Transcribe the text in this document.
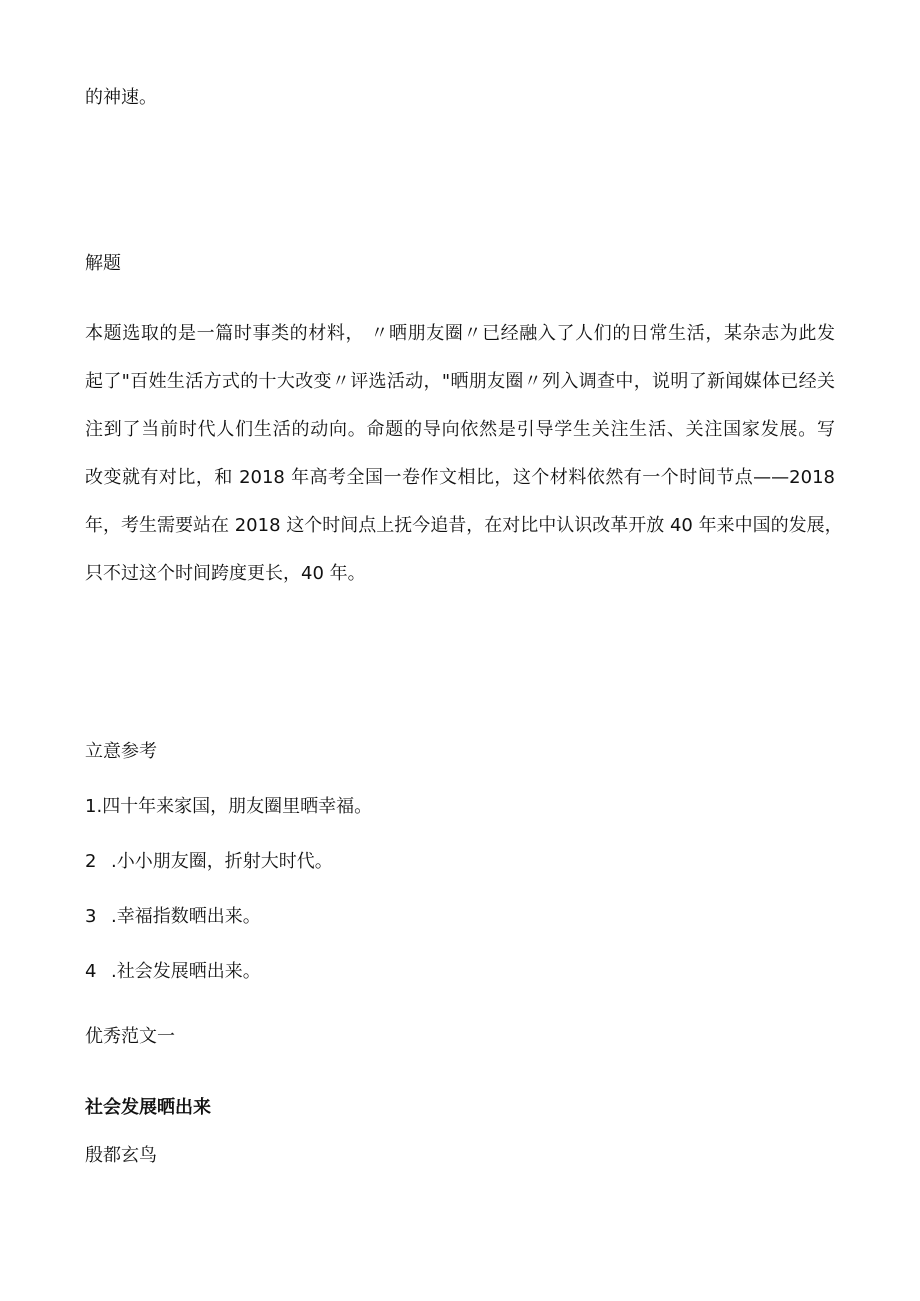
的神速。
解题
本题选取的是一篇时事类的材料， 〃晒朋友圈〃已经融入了人们的日常生活，某杂志为此发
起了"百姓生活方式的十大改变〃评选活动，"晒朋友圈〃列入调查中，说明了新闻媒体已经关
注到了当前时代人们生活的动向。命题的导向依然是引导学生关注生活、关注国家发展。写
改变就有对比，和 2018 年高考全国一卷作文相比，这个材料依然有一个时间节点——2018
年，考生需要站在 2018 这个时间点上抚今追昔，在对比中认识改革开放 40 年来中国的发展，
只不过这个时间跨度更长，40 年。
立意参考
1.四十年来家国，朋友圈里晒幸福。
2 .小小朋友圈，折射大时代。
3 .幸福指数晒出来。
4 .社会发展晒出来。
优秀范文一
社会发展晒出来
殷都玄鸟
